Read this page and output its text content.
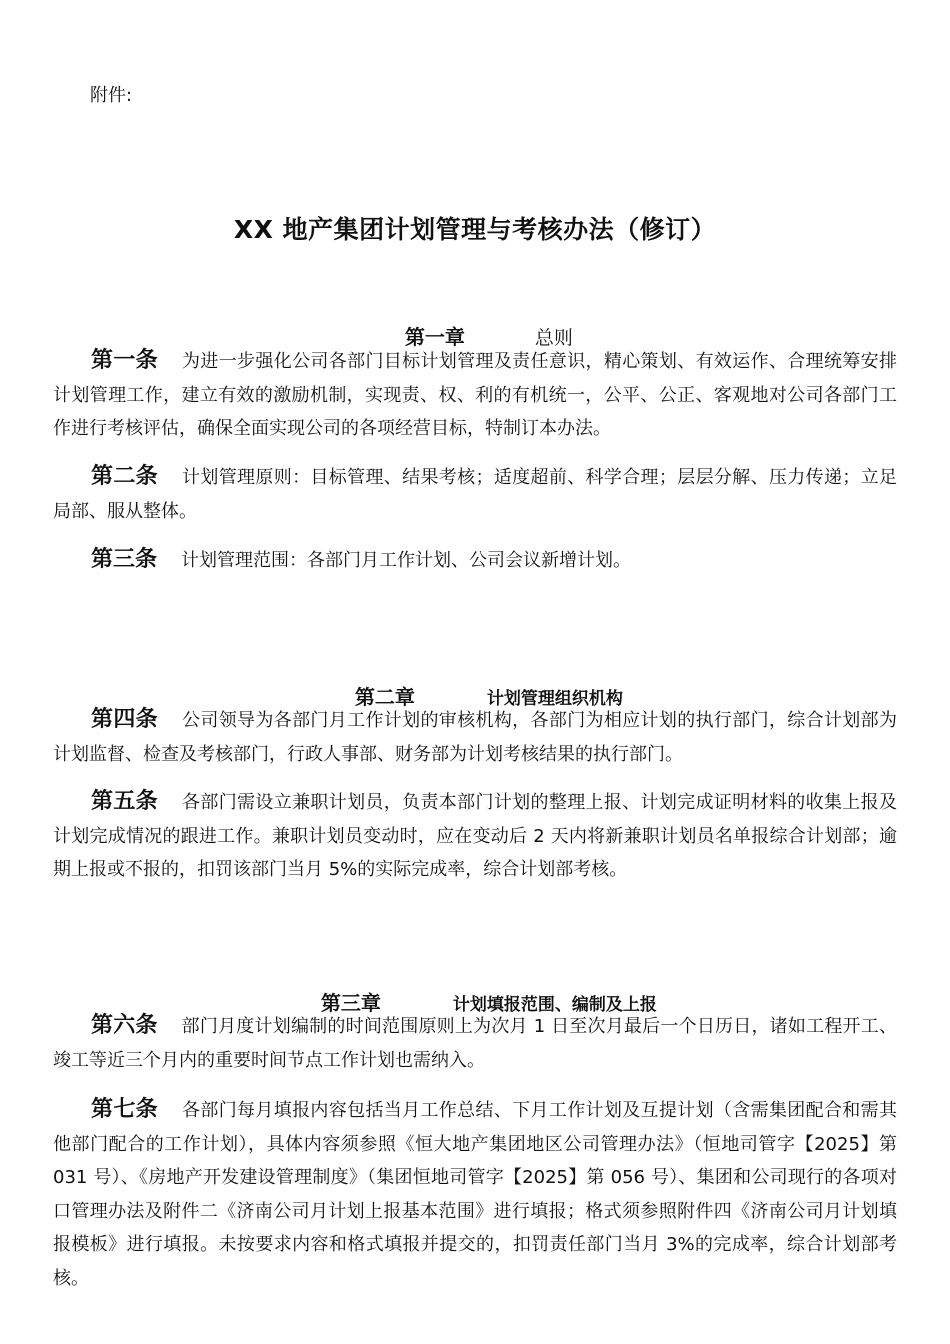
附件:
XX 地产集团计划管理与考核办法（修订）

第一章	总则

第一条 为进一步强化公司各部门目标计划管理及责任意识，精心策划、有效运作、合理统筹安排计划管理工作，建立有效的激励机制，实现责、权、利的有机统一，公平、公正、客观地对公司各部门工作进行考核评估，确保全面实现公司的各项经营目标，特制订本办法。
第二条 计划管理原则：目标管理、结果考核；适度超前、科学合理；层层分解、压力传递；立足局部、服从整体。
第三条 计划管理范围：各部门月工作计划、公司会议新增计划。

第二章	计划管理组织机构

第四条 公司领导为各部门月工作计划的审核机构，各部门为相应计划的执行部门，综合计划部为计划监督、检查及考核部门，行政人事部、财务部为计划考核结果的执行部门。
第五条 各部门需设立兼职计划员，负责本部门计划的整理上报、计划完成证明材料的收集上报及计划完成情况的跟进工作。兼职计划员变动时，应在变动后 2 天内将新兼职计划员名单报综合计划部；逾期上报或不报的，扣罚该部门当月 5%的实际完成率，综合计划部考核。

第三章	计划填报范围、编制及上报

第六条 部门月度计划编制的时间范围原则上为次月 1 日至次月最后一个日历日，诸如工程开工、竣工等近三个月内的重要时间节点工作计划也需纳入。
第七条 各部门每月填报内容包括当月工作总结、下月工作计划及互提计划（含需集团配合和需其他部门配合的工作计划），具体内容须参照《恒大地产集团地区公司管理办法》（恒地司管字【2025】第 031 号）、《房地产开发建设管理制度》（集团恒地司管字【2025】第 056 号）、集团和公司现行的各项对口管理办法及附件二《济南公司月计划上报基本范围》进行填报；格式须参照附件四《济南公司月计划填报模板》进行填报。未按要求内容和格式填报并提交的，扣罚责任部门当月 3%的完成率，综合计划部考核。
